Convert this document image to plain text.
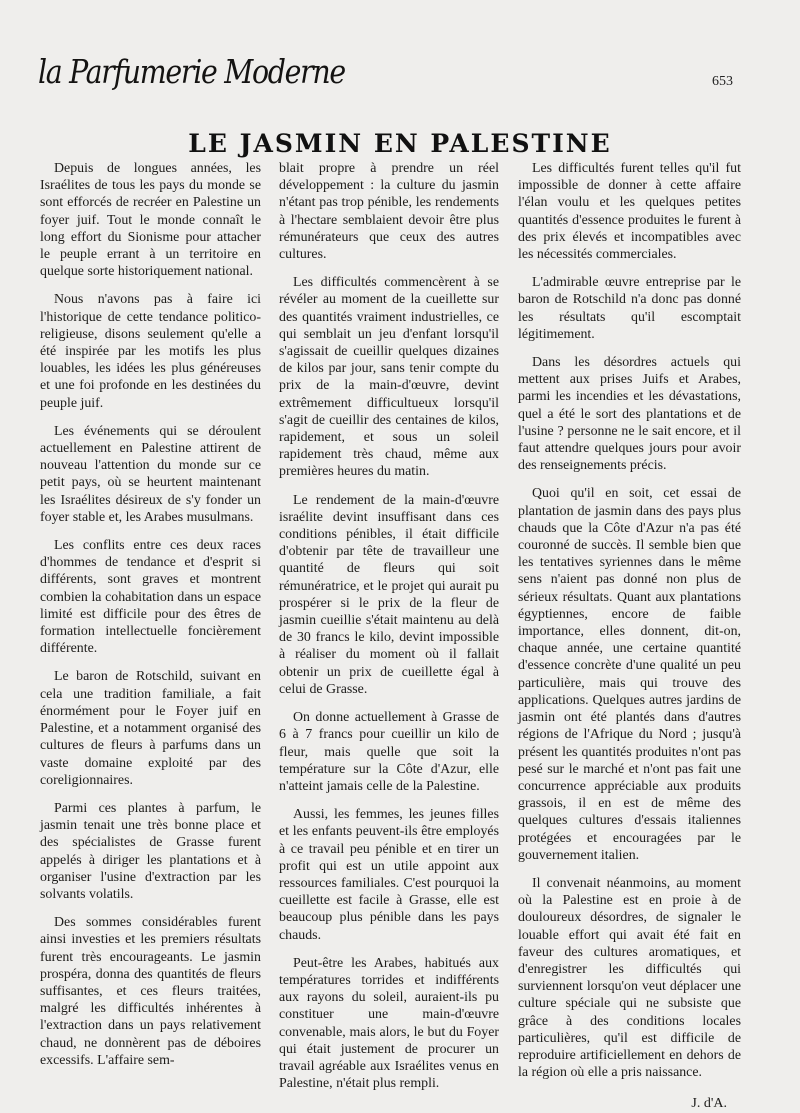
la Parfumerie Moderne	653
LE JASMIN EN PALESTINE

Depuis de longues années, les Israélites de tous les pays du monde se sont efforcés de recréer en Palestine un foyer juif. Tout le monde connaît le long effort du Sionisme pour attacher le peuple errant à un territoire en quelque sorte historiquement national.

Nous n'avons pas à faire ici l'historique de cette tendance politico-religieuse, disons seulement qu'elle a été inspirée par les motifs les plus louables, les idées les plus généreuses et une foi profonde en les destinées du peuple juif.

Les événements qui se déroulent actuellement en Palestine attirent de nouveau l'attention du monde sur ce petit pays, où se heurtent maintenant les Israélites désireux de s'y fonder un foyer stable et, les Arabes musulmans.

Les conflits entre ces deux races d'hommes de tendance et d'esprit si différents, sont graves et montrent combien la cohabitation dans un espace limité est difficile pour des êtres de formation intellectuelle foncièrement différente.

Le baron de Rotschild, suivant en cela une tradition familiale, a fait énormément pour le Foyer juif en Palestine, et a notamment organisé des cultures de fleurs à parfums dans un vaste domaine exploité par des coreligionnaires.

Parmi ces plantes à parfum, le jasmin tenait une très bonne place et des spécialistes de Grasse furent appelés à diriger les plantations et à organiser l'usine d'extraction par les solvants volatils.

Des sommes considérables furent ainsi investies et les premiers résultats furent très encourageants. Le jasmin prospéra, donna des quantités de fleurs suffisantes, et ces fleurs traitées, malgré les difficultés inhérentes à l'extraction dans un pays relativement chaud, ne donnèrent pas de déboires excessifs. L'affaire sem-

blait propre à prendre un réel développement : la culture du jasmin n'étant pas trop pénible, les rendements à l'hectare semblaient devoir être plus rémunérateurs que ceux des autres cultures.

Les difficultés commencèrent à se révéler au moment de la cueillette sur des quantités vraiment industrielles, ce qui semblait un jeu d'enfant lorsqu'il s'agissait de cueillir quelques dizaines de kilos par jour, sans tenir compte du prix de la main-d'œuvre, devint extrêmement difficultueux lorsqu'il s'agit de cueillir des centaines de kilos, rapidement, et sous un soleil rapidement très chaud, même aux premières heures du matin.

Le rendement de la main-d'œuvre israélite devint insuffisant dans ces conditions pénibles, il était difficile d'obtenir par tête de travailleur une quantité de fleurs qui soit rémunératrice, et le projet qui aurait pu prospérer si le prix de la fleur de jasmin cueillie s'était maintenu au delà de 30 francs le kilo, devint impossible à réaliser du moment où il fallait obtenir un prix de cueillette égal à celui de Grasse.

On donne actuellement à Grasse de 6 à 7 francs pour cueillir un kilo de fleur, mais quelle que soit la température sur la Côte d'Azur, elle n'atteint jamais celle de la Palestine.

Aussi, les femmes, les jeunes filles et les enfants peuvent-ils être employés à ce travail peu pénible et en tirer un profit qui est un utile appoint aux ressources familiales. C'est pourquoi la cueillette est facile à Grasse, elle est beaucoup plus pénible dans les pays chauds.

Peut-être les Arabes, habitués aux températures torrides et indifférents aux rayons du soleil, auraient-ils pu constituer une main-d'œuvre convenable, mais alors, le but du Foyer qui était justement de procurer un travail agréable aux Israélites venus en Palestine, n'était plus rempli.

Les difficultés furent telles qu'il fut impossible de donner à cette affaire l'élan voulu et les quelques petites quantités d'essence produites le furent à des prix élevés et incompatibles avec les nécessités commerciales.

L'admirable œuvre entreprise par le baron de Rotschild n'a donc pas donné les résultats qu'il escomptait légitimement.

Dans les désordres actuels qui mettent aux prises Juifs et Arabes, parmi les incendies et les dévastations, quel a été le sort des plantations et de l'usine ? personne ne le sait encore, et il faut attendre quelques jours pour avoir des renseignements précis.

Quoi qu'il en soit, cet essai de plantation de jasmin dans des pays plus chauds que la Côte d'Azur n'a pas été couronné de succès. Il semble bien que les tentatives syriennes dans le même sens n'aient pas donné non plus de sérieux résultats. Quant aux plantations égyptiennes, encore de faible importance, elles donnent, dit-on, chaque année, une certaine quantité d'essence concrète d'une qualité un peu particulière, mais qui trouve des applications. Quelques autres jardins de jasmin ont été plantés dans d'autres régions de l'Afrique du Nord ; jusqu'à présent les quantités produites n'ont pas pesé sur le marché et n'ont pas fait une concurrence appréciable aux produits grassois, il en est de même des quelques cultures d'essais italiennes protégées et encouragées par le gouvernement italien.

Il convenait néanmoins, au moment où la Palestine est en proie à de douloureux désordres, de signaler le louable effort qui avait été fait en faveur des cultures aromatiques, et d'enregistrer les difficultés qui surviennent lorsqu'on veut déplacer une culture spéciale qui ne subsiste que grâce à des conditions locales particulières, qu'il est difficile de reproduire artificiellement en dehors de la région où elle a pris naissance.

J. d'A.
